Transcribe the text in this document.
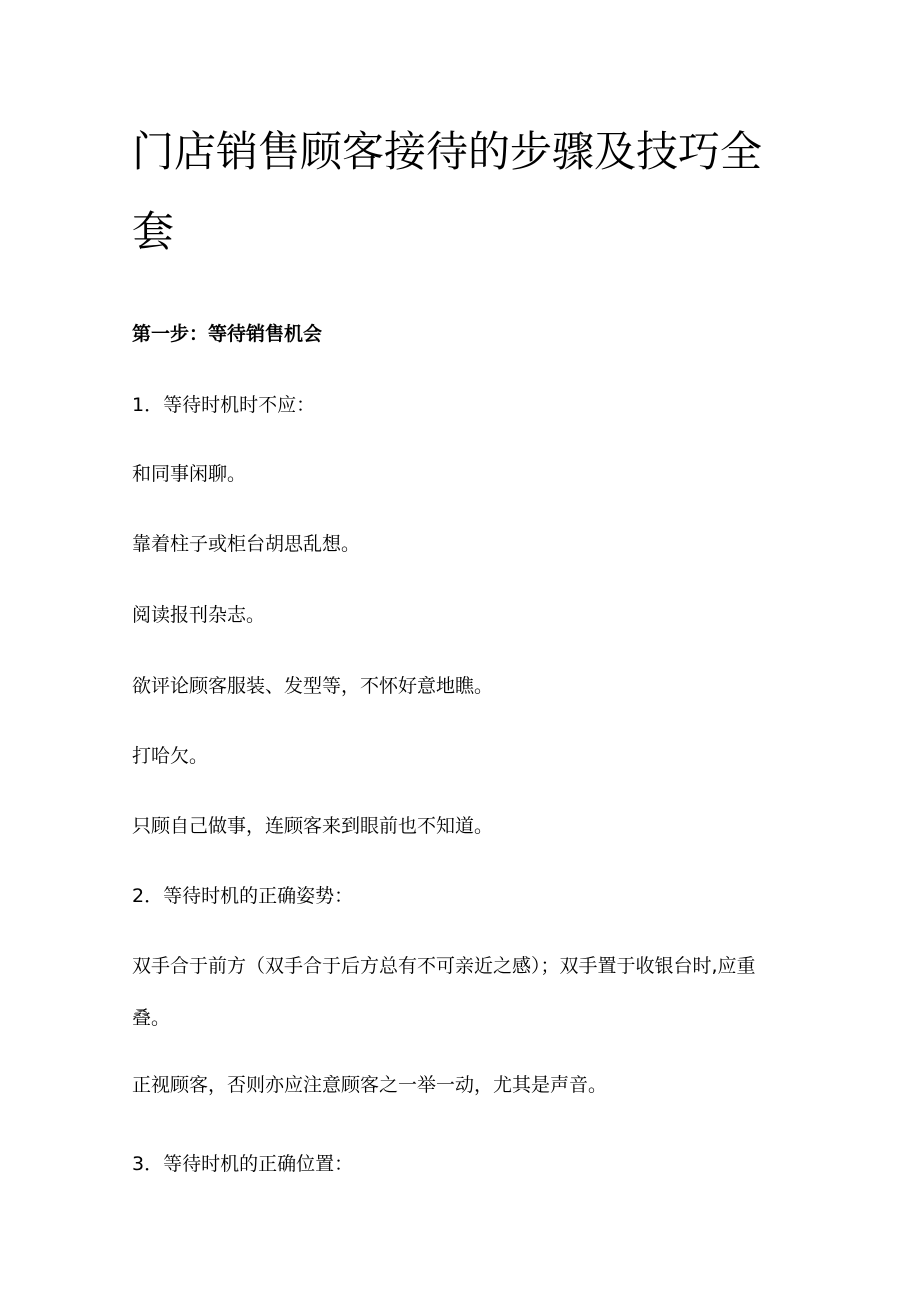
门店销售顾客接待的步骤及技巧全套
第一步：等待销售机会
1．等待时机时不应：
和同事闲聊。
靠着柱子或柜台胡思乱想。
阅读报刊杂志。
欲评论顾客服装、发型等，不怀好意地瞧。
打哈欠。
只顾自己做事，连顾客来到眼前也不知道。
2．等待时机的正确姿势：
双手合于前方（双手合于后方总有不可亲近之感）；双手置于收银台时,应重叠。
正视顾客，否则亦应注意顾客之一举一动，尤其是声音。
3．等待时机的正确位置：
